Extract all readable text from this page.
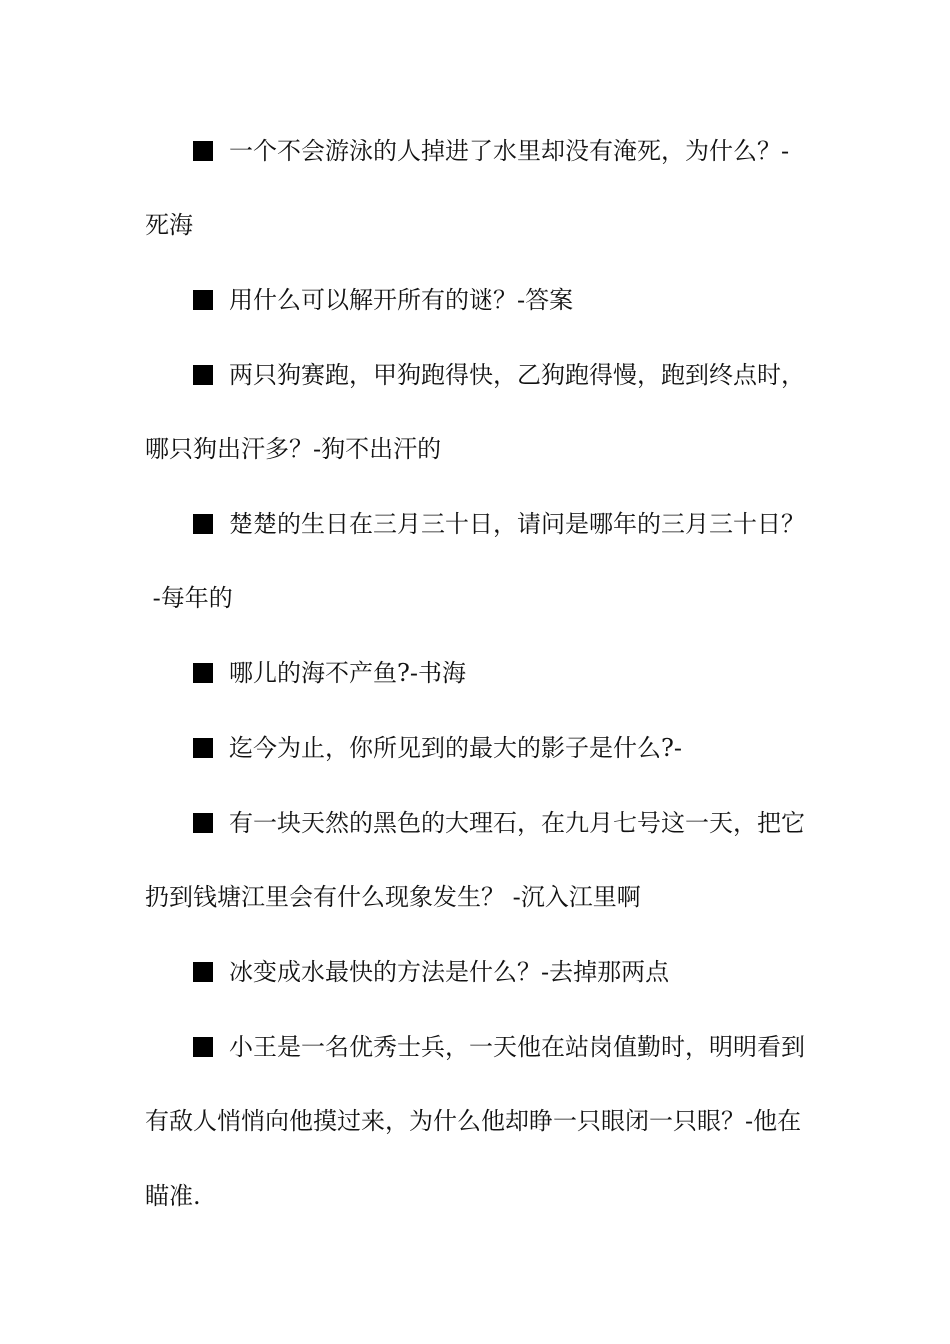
一个不会游泳的人掉进了水里却没有淹死，为什么？-
死海
用什么可以解开所有的谜？-答案
两只狗赛跑，甲狗跑得快，乙狗跑得慢，跑到终点时，
哪只狗出汗多？-狗不出汗的
楚楚的生日在三月三十日，请问是哪年的三月三十日？
-每年的
哪儿的海不产鱼?-书海
迄今为止，你所见到的最大的影子是什么?-
有一块天然的黑色的大理石，在九月七号这一天，把它
扔到钱塘江里会有什么现象发生？ -沉入江里啊
冰变成水最快的方法是什么？-去掉那两点
小王是一名优秀士兵，一天他在站岗值勤时，明明看到
有敌人悄悄向他摸过来，为什么他却睁一只眼闭一只眼？-他在
瞄准.
